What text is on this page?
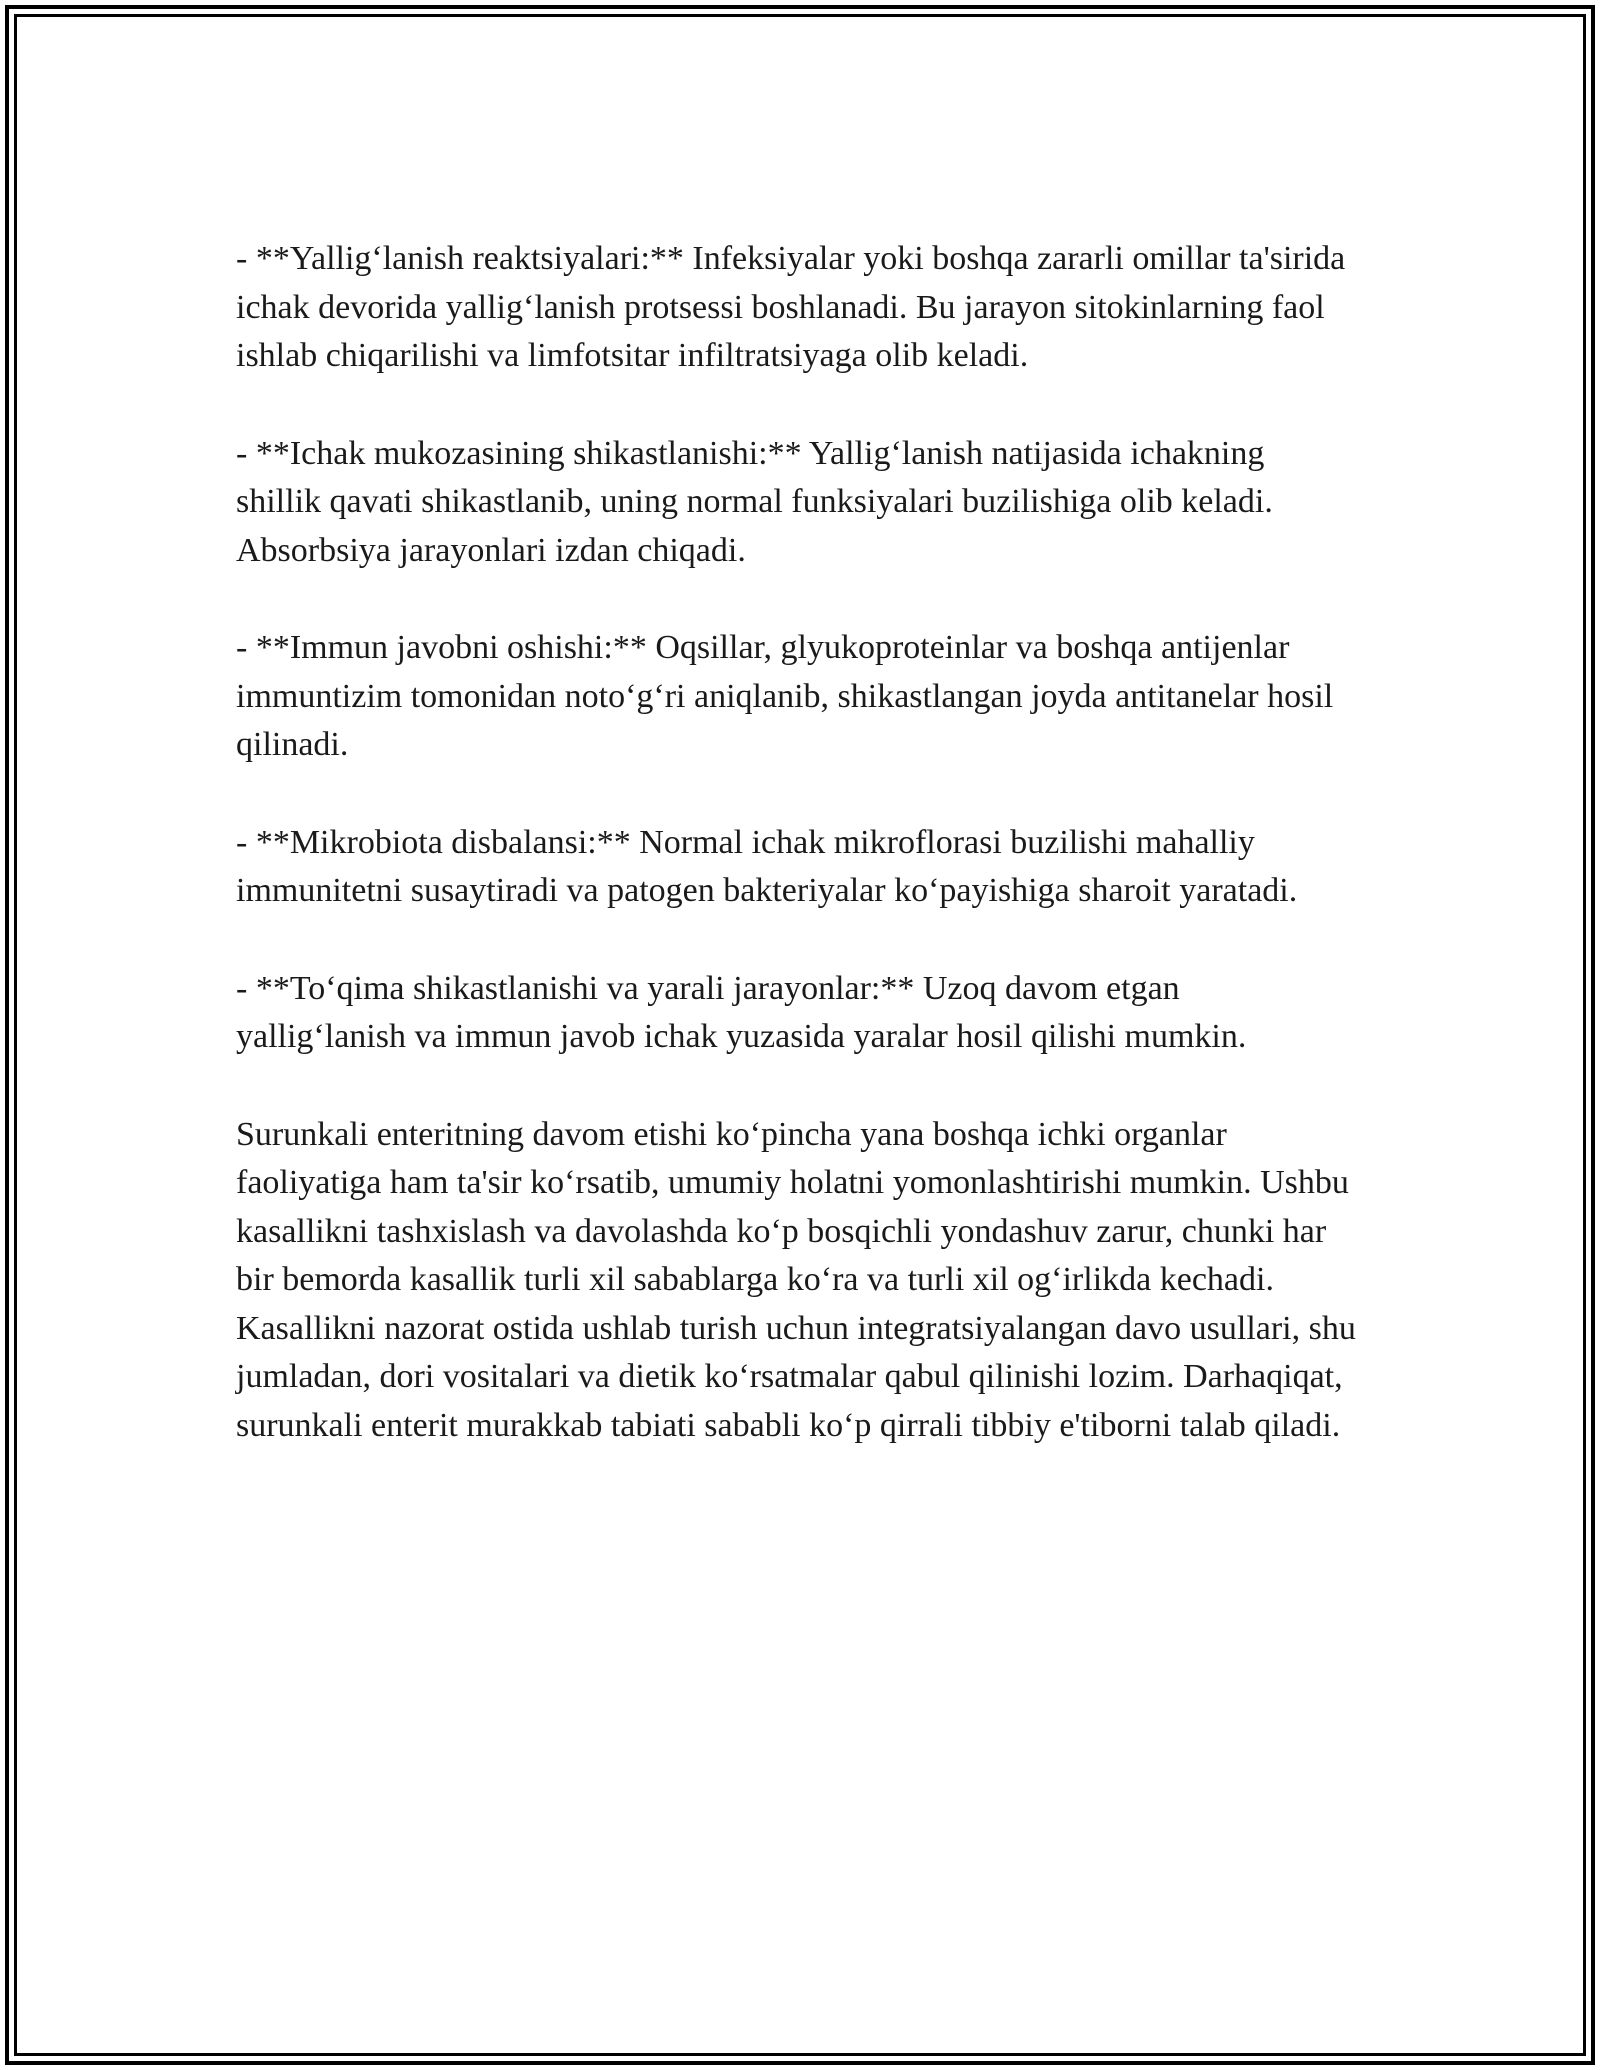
- **Yallig‘lanish reaktsiyalari:** Infeksiyalar yoki boshqa zararli omillar ta'sirida ichak devorida yallig‘lanish protsessi boshlanadi. Bu jarayon sitokinlarning faol ishlab chiqarilishi va limfotsitar infiltratsiyaga olib keladi.

- **Ichak mukozasining shikastlanishi:** Yallig‘lanish natijasida ichakning shillik qavati shikastlanib, uning normal funksiyalari buzilishiga olib keladi. Absorbsiya jarayonlari izdan chiqadi.

- **Immun javobni oshishi:** Oqsillar, glyukoproteinlar va boshqa antijenlar immuntizim tomonidan noto‘g‘ri aniqlanib, shikastlangan joyda antitanelar hosil qilinadi.

- **Mikrobiota disbalansi:** Normal ichak mikroflorasi buzilishi mahalliy immunitetni susaytiradi va patogen bakteriyalar ko‘payishiga sharoit yaratadi.

- **To‘qima shikastlanishi va yarali jarayonlar:** Uzoq davom etgan yallig‘lanish va immun javob ichak yuzasida yaralar hosil qilishi mumkin.

Surunkali enteritning davom etishi ko‘pincha yana boshqa ichki organlar faoliyatiga ham ta'sir ko‘rsatib, umumiy holatni yomonlashtirishi mumkin. Ushbu kasallikni tashxislash va davolashda ko‘p bosqichli yondashuv zarur, chunki har bir bemorda kasallik turli xil sabablarga ko‘ra va turli xil og‘irlikda kechadi. Kasallikni nazorat ostida ushlab turish uchun integratsiyalangan davo usullari, shu jumladan, dori vositalari va dietik ko‘rsatmalar qabul qilinishi lozim. Darhaqiqat, surunkali enterit murakkab tabiati sababli ko‘p qirrali tibbiy e'tiborni talab qiladi.
